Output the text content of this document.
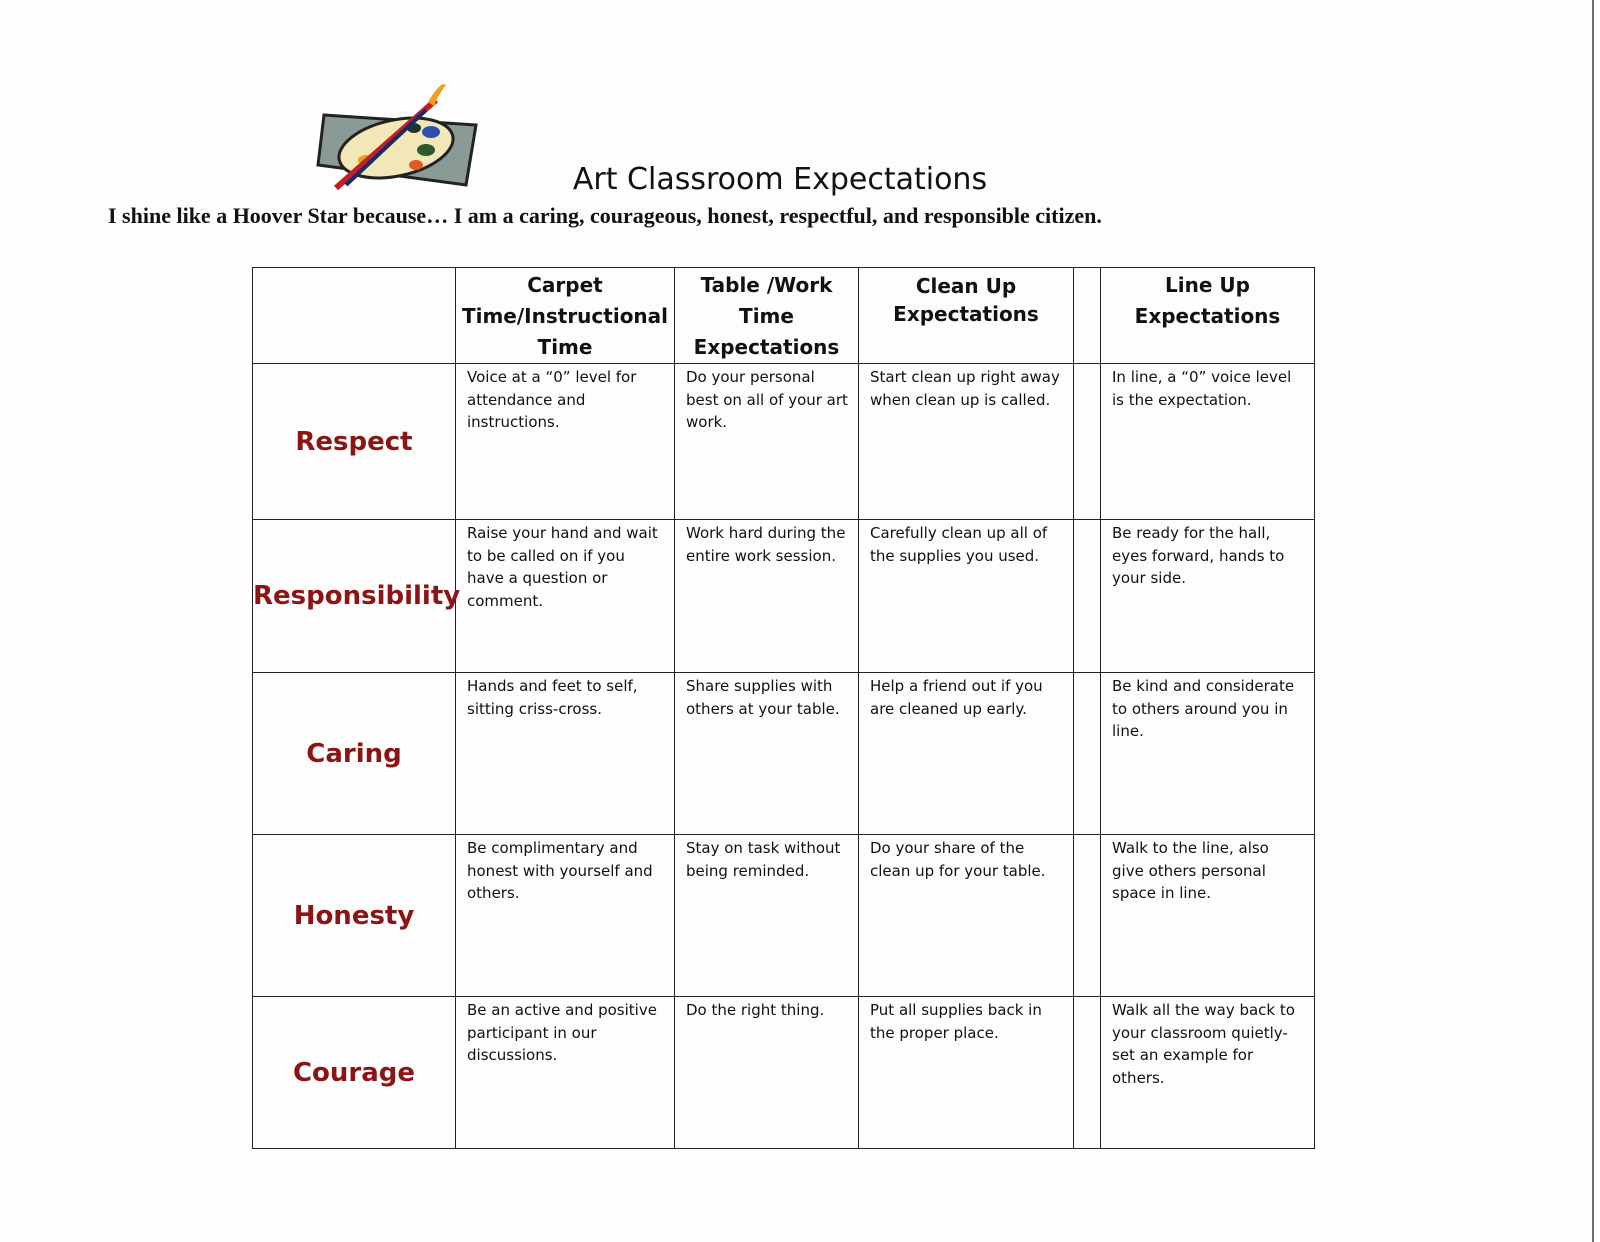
Art Classroom Expectations
I shine like a Hoover Star because… I am a caring, courageous, honest, respectful, and responsible citizen.
	Carpet Time/Instructional Time	Table /Work Time Expectations	Clean Up Expectations		Line Up Expectations
Respect	Voice at a “0” level for attendance and instructions.	Do your personal best on all of your art work.	Start clean up right away when clean up is called.		In line, a “0” voice level is the expectation.
Responsibility	Raise your hand and wait to be called on if you have a question or comment.	Work hard during the entire work session.	Carefully clean up all of the supplies you used.		Be ready for the hall, eyes forward, hands to your side.
Caring	Hands and feet to self, sitting criss-cross.	Share supplies with others at your table.	Help a friend out if you are cleaned up early.		Be kind and considerate to others around you in line.
Honesty	Be complimentary and honest with yourself and others.	Stay on task without being reminded.	Do your share of the clean up for your table.		Walk to the line, also give others personal space in line.
Courage	Be an active and positive participant in our discussions.	Do the right thing.	Put all supplies back in the proper place.		Walk all the way back to your classroom quietly- set an example for others.
